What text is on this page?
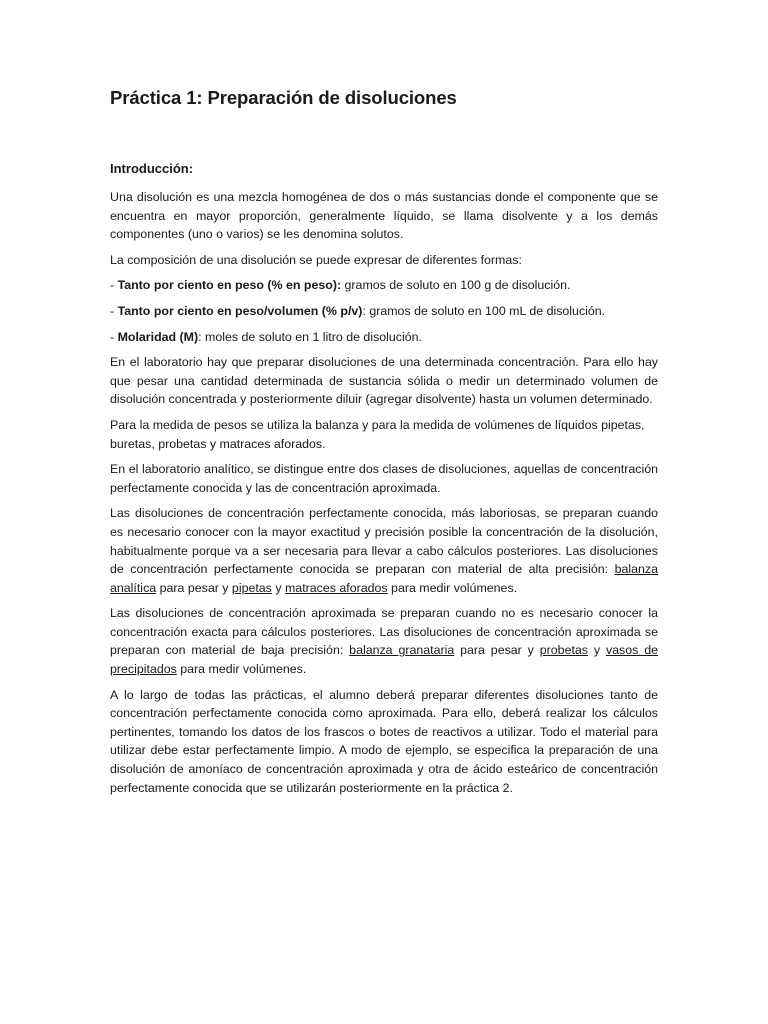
Práctica 1: Preparación de disoluciones
Introducción:

Una disolución es una mezcla homogénea de dos o más sustancias donde el componente que se encuentra en mayor proporción, generalmente líquido, se llama disolvente y a los demás componentes (uno o varios) se les denomina solutos.

La composición de una disolución se puede expresar de diferentes formas:

- Tanto por ciento en peso (% en peso): gramos de soluto en 100 g de disolución.

- Tanto por ciento en peso/volumen (% p/v): gramos de soluto en 100 mL de disolución.

- Molaridad (M): moles de soluto en 1 litro de disolución.

En el laboratorio hay que preparar disoluciones de una determinada concentración. Para ello hay que pesar una cantidad determinada de sustancia sólida o medir un determinado volumen de disolución concentrada y posteriormente diluir (agregar disolvente) hasta un volumen determinado.

Para la medida de pesos se utiliza la balanza y para la medida de volúmenes de líquidos pipetas, buretas, probetas y matraces aforados.

En el laboratorio analítico, se distingue entre dos clases de disoluciones, aquellas de concentración perfectamente conocida y las de concentración aproximada.

Las disoluciones de concentración perfectamente conocida, más laboriosas, se preparan cuando es necesario conocer con la mayor exactitud y precisión posible la concentración de la disolución, habitualmente porque va a ser necesaria para llevar a cabo cálculos posteriores. Las disoluciones de concentración perfectamente conocida se preparan con material de alta precisión: balanza analítica para pesar y pipetas y matraces aforados para medir volúmenes.

Las disoluciones de concentración aproximada se preparan cuando no es necesario conocer la concentración exacta para cálculos posteriores. Las disoluciones de concentración aproximada se preparan con material de baja precisión: balanza granataria para pesar y probetas y vasos de precipitados para medir volúmenes.

A lo largo de todas las prácticas, el alumno deberá preparar diferentes disoluciones tanto de concentración perfectamente conocida como aproximada. Para ello, deberá realizar los cálculos pertinentes, tomando los datos de los frascos o botes de reactivos a utilizar. Todo el material para utilizar debe estar perfectamente limpio. A modo de ejemplo, se especifica la preparación de una disolución de amoníaco de concentración aproximada y otra de ácido esteárico de concentración perfectamente conocida que se utilizarán posteriormente en la práctica 2.
